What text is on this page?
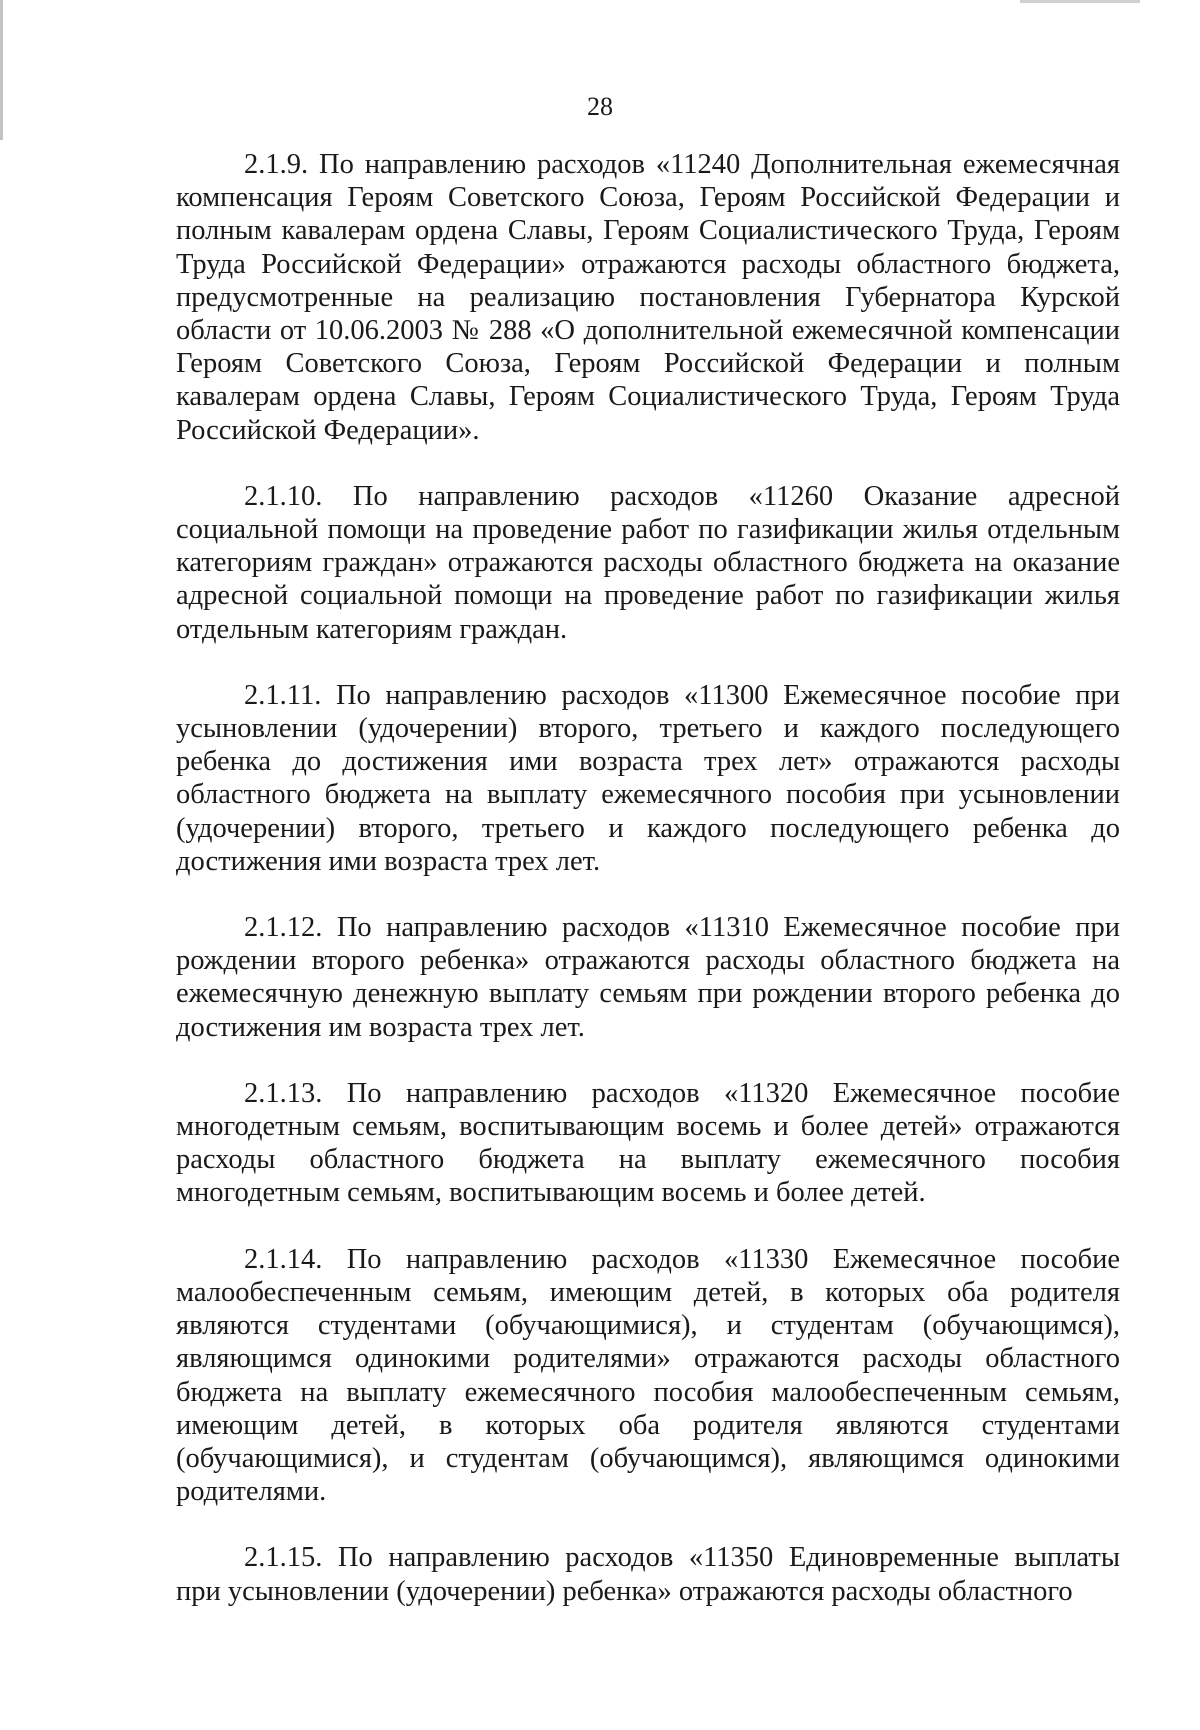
28

2.1.9. По направлению расходов «11240 Дополнительная ежемесячная компенсация Героям Советского Союза, Героям Российской Федерации и полным кавалерам ордена Славы, Героям Социалистического Труда, Героям Труда Российской Федерации» отражаются расходы областного бюджета, предусмотренные на реализацию постановления Губернатора Курской области от 10.06.2003 № 288 «О дополнительной ежемесячной компенсации Героям Советского Союза, Героям Российской Федерации и полным кавалерам ордена Славы, Героям Социалистического Труда, Героям Труда Российской Федерации».

2.1.10. По направлению расходов «11260 Оказание адресной социальной помощи на проведение работ по газификации жилья отдельным категориям граждан» отражаются расходы областного бюджета на оказание адресной социальной помощи на проведение работ по газификации жилья отдельным категориям граждан.

2.1.11. По направлению расходов «11300 Ежемесячное пособие при усыновлении (удочерении) второго, третьего и каждого последующего ребенка до достижения ими возраста трех лет» отражаются расходы областного бюджета на выплату ежемесячного пособия при усыновлении (удочерении) второго, третьего и каждого последующего ребенка до достижения ими возраста трех лет.

2.1.12. По направлению расходов «11310 Ежемесячное пособие при рождении второго ребенка» отражаются расходы областного бюджета на ежемесячную денежную выплату семьям при рождении второго ребенка до достижения им возраста трех лет.

2.1.13. По направлению расходов «11320 Ежемесячное пособие многодетным семьям, воспитывающим восемь и более детей» отражаются расходы областного бюджета на выплату ежемесячного пособия многодетным семьям, воспитывающим восемь и более детей.

2.1.14. По направлению расходов «11330 Ежемесячное пособие малообеспеченным семьям, имеющим детей, в которых оба родителя являются студентами (обучающимися), и студентам (обучающимся), являющимся одинокими родителями» отражаются расходы областного бюджета на выплату ежемесячного пособия малообеспеченным семьям, имеющим детей, в которых оба родителя являются студентами (обучающимися), и студентам (обучающимся), являющимся одинокими родителями.

2.1.15. По направлению расходов «11350 Единовременные выплаты при усыновлении (удочерении) ребенка» отражаются расходы областного
